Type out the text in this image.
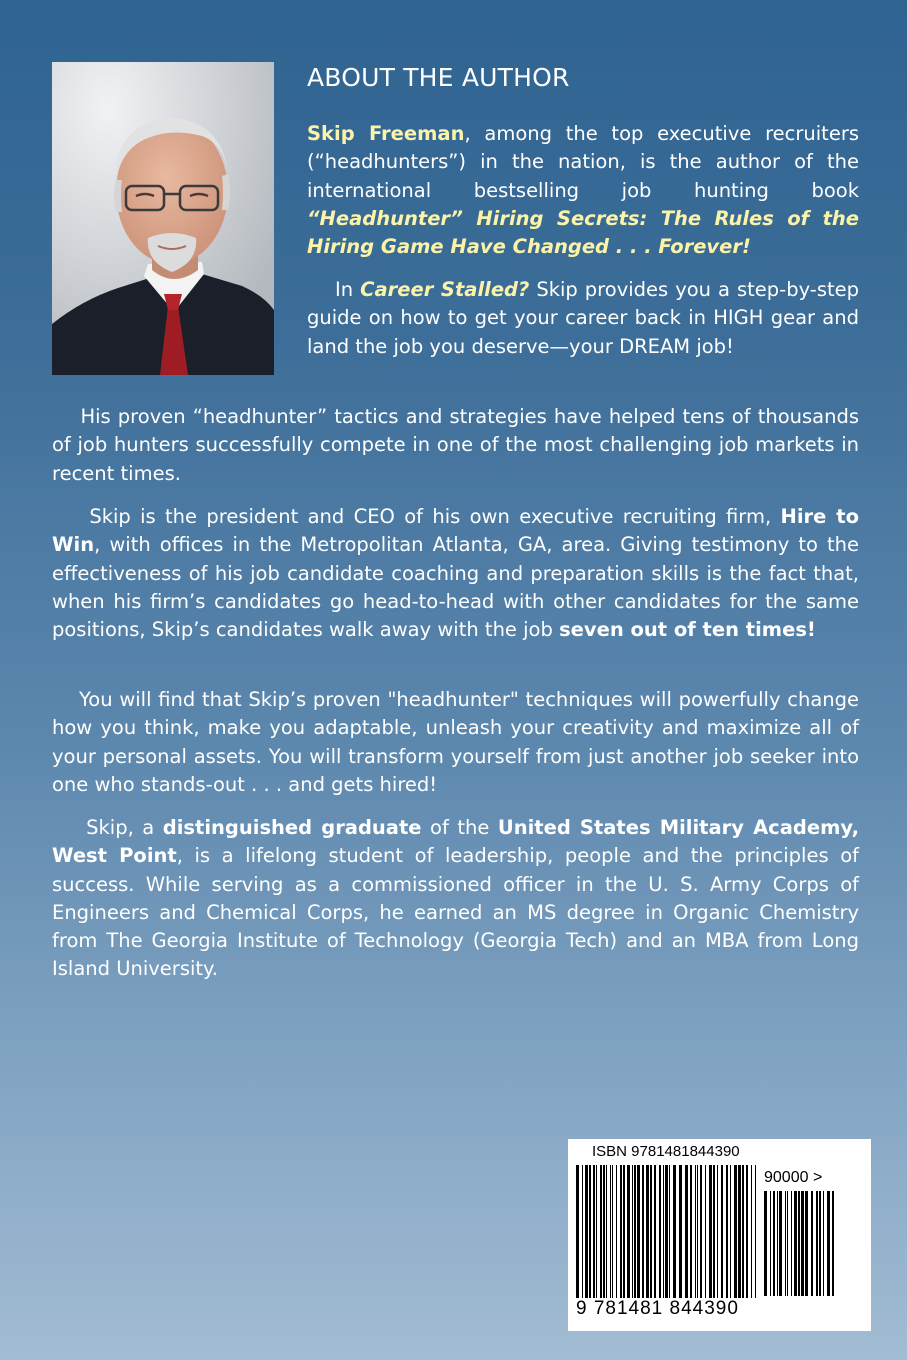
ABOUT THE AUTHOR

Skip Freeman, among the top executive recruiters (“headhunters”) in the nation, is the author of the international bestselling job hunting book “Headhunter” Hiring Secrets: The Rules of the Hiring Game Have Changed . . . Forever!

In Career Stalled? Skip provides you a step-by-step guide on how to get your career back in HIGH gear and land the job you deserve—your DREAM job!

His proven “headhunter” tactics and strategies have helped tens of thousands of job hunters successfully compete in one of the most challenging job markets in recent times.

Skip is the president and CEO of his own executive recruiting firm, Hire to Win, with offices in the Metropolitan Atlanta, GA, area. Giving testimony to the effectiveness of his job candidate coaching and preparation skills is the fact that, when his firm’s candidates go head-to-head with other candidates for the same positions, Skip’s candidates walk away with the job seven out of ten times!

You will find that Skip’s proven "headhunter" techniques will powerfully change how you think, make you adaptable, unleash your creativity and maximize all of your personal assets. You will transform yourself from just another job seeker into one who stands-out . . . and gets hired!

Skip, a distinguished graduate of the United States Military Academy, West Point, is a lifelong student of leadership, people and the principles of success. While serving as a commissioned officer in the U. S. Army Corps of Engineers and Chemical Corps, he earned an MS degree in Organic Chemistry from The Georgia Institute of Technology (Georgia Tech) and an MBA from Long Island University.

ISBN 9781481844390

90000 >

9 781481 844390
